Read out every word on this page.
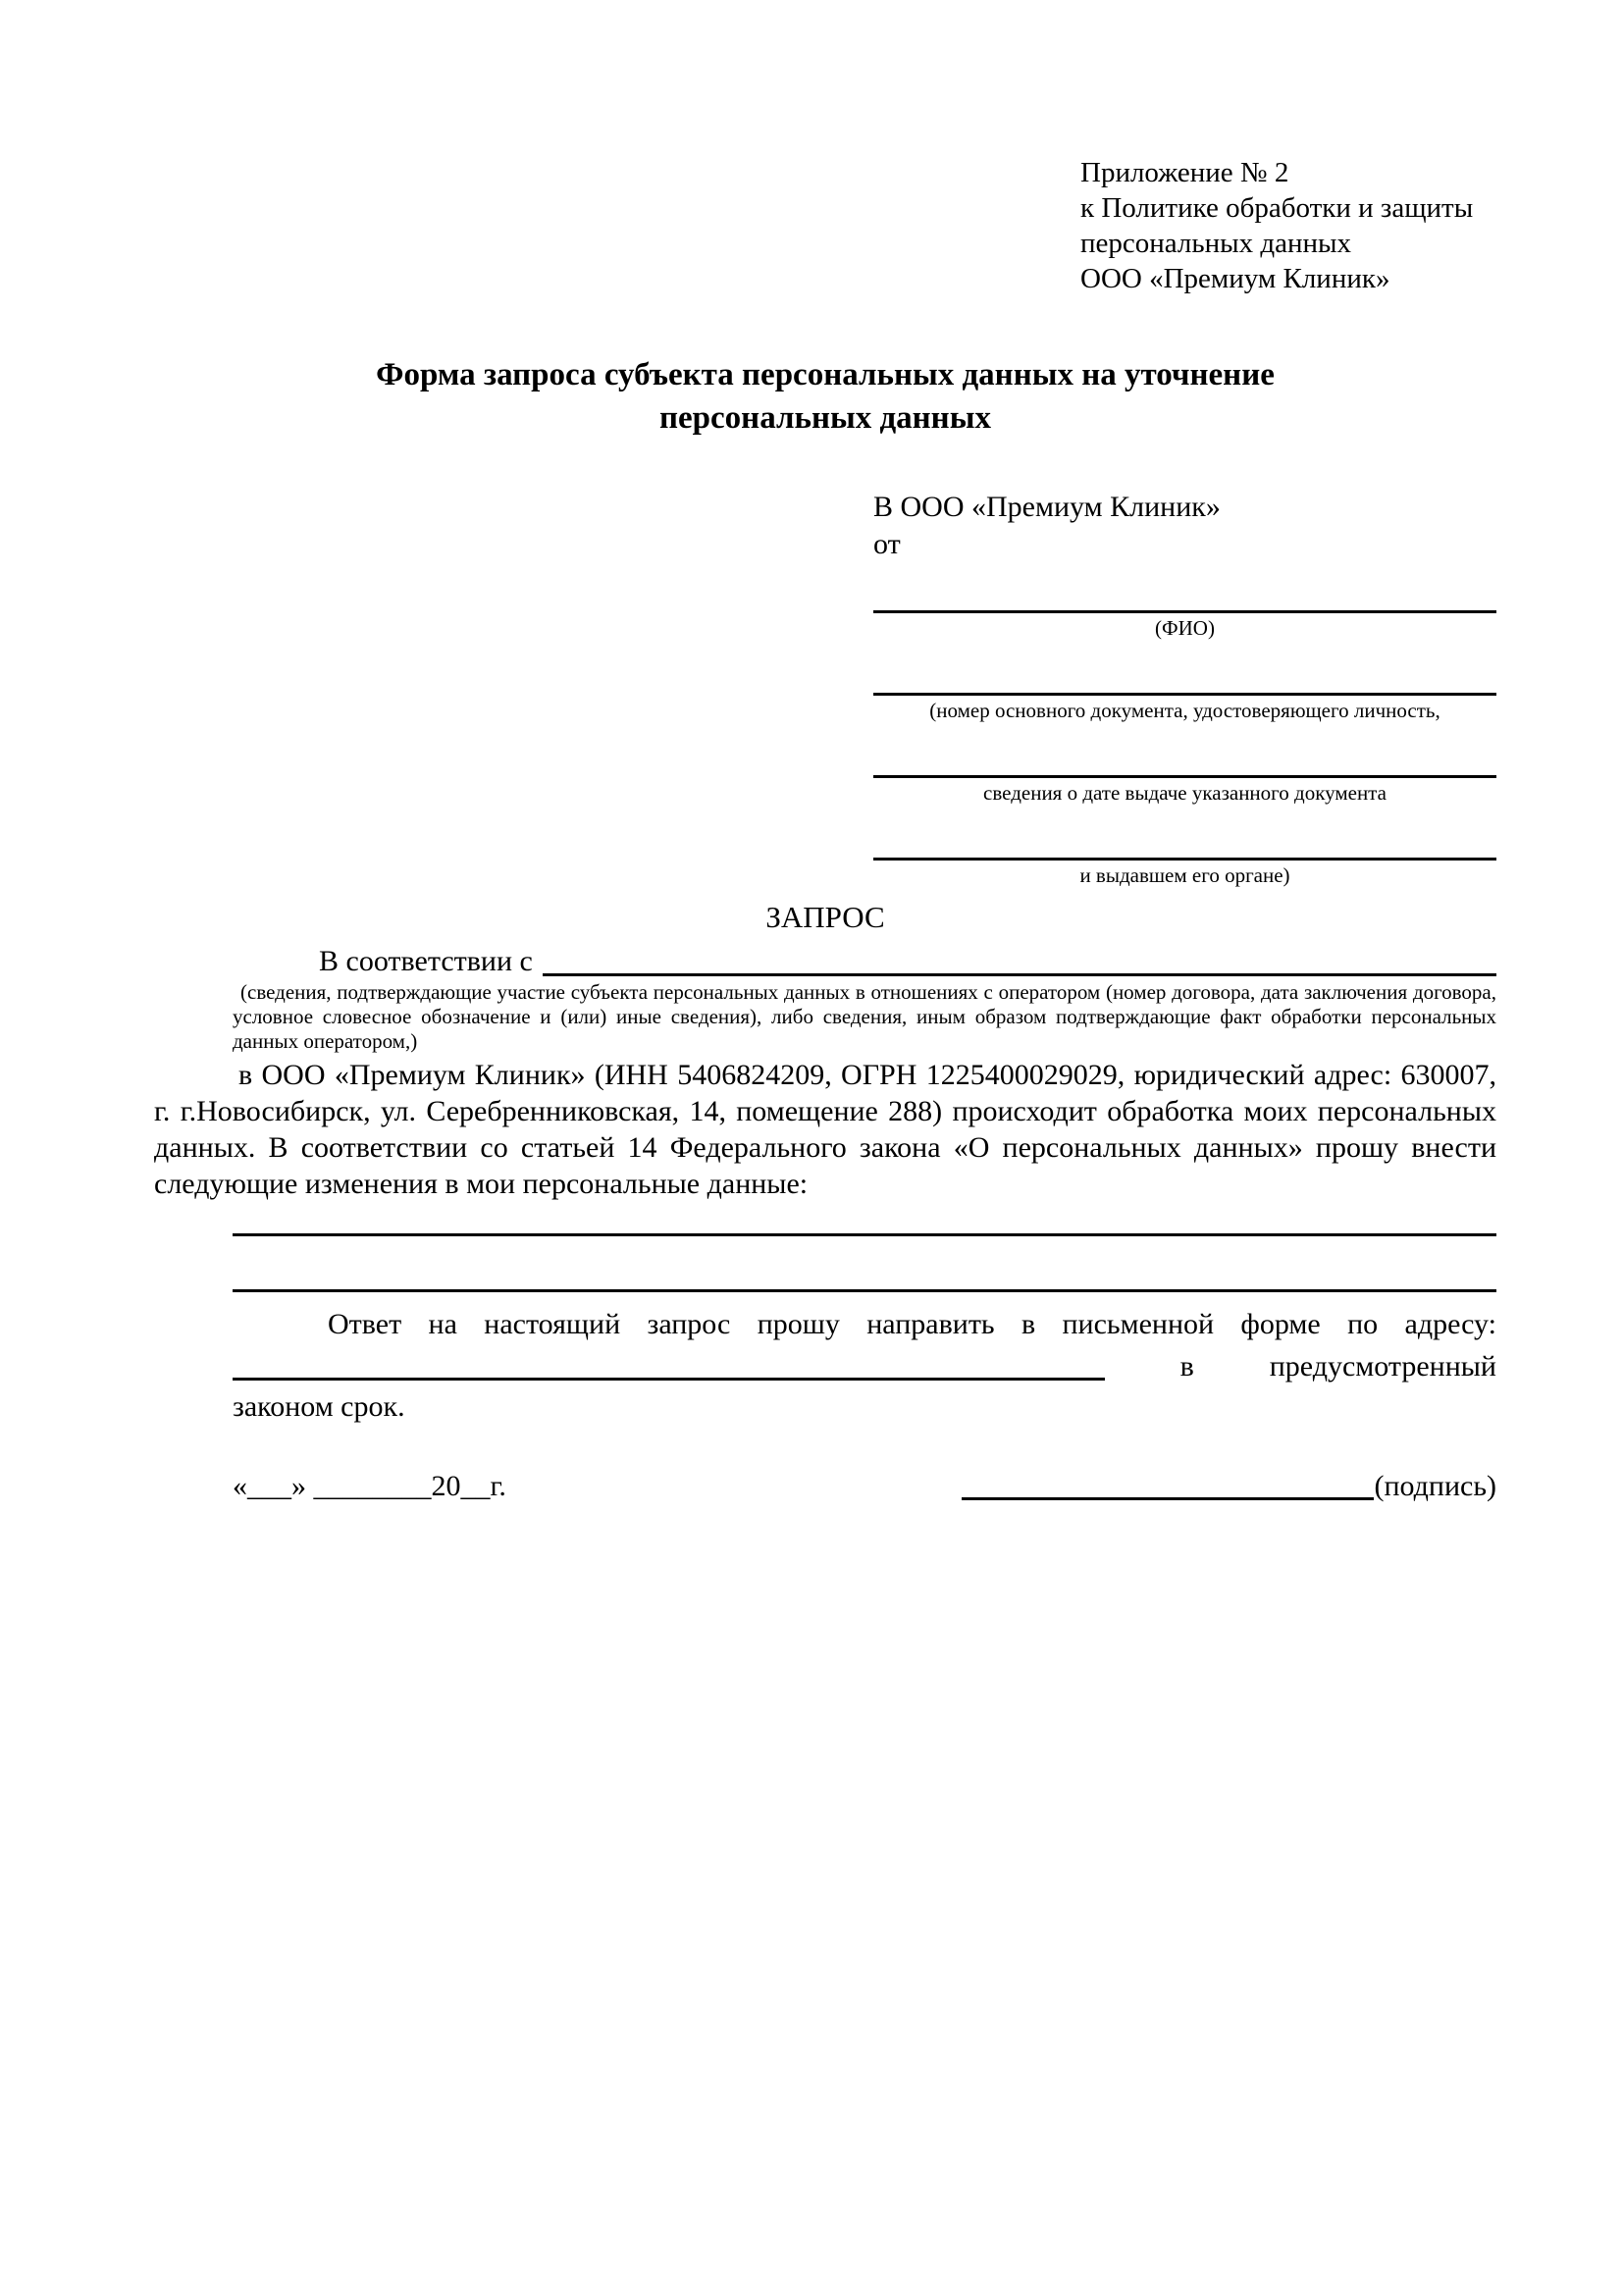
Приложение № 2
к Политике обработки и защиты
персональных данных
ООО «Премиум Клиник»
Форма запроса субъекта персональных данных на уточнение
персональных данных
В ООО «Премиум Клиник»
от
(ФИО)
(номер основного документа, удостоверяющего личность,
сведения о дате выдаче указанного документа
и выдавшем его органе)
ЗАПРОС
В соответствии с
(сведения, подтверждающие участие субъекта персональных данных в отношениях с оператором (номер договора, дата заключения договора, условное словесное обозначение и (или) иные сведения), либо сведения, иным образом подтверждающие факт обработки персональных данных оператором,)
в ООО «Премиум Клиник» (ИНН 5406824209, ОГРН 1225400029029, юридический адрес: 630007, г. г.Новосибирск, ул. Серебренниковская, 14, помещение 288) происходит обработка моих персональных данных. В соответствии со статьей 14 Федерального закона «О персональных данных» прошу внести следующие изменения в мои персональные данные:
Ответ на настоящий запрос прошу направить в письменной форме по адресу:
в	предусмотренный
законом срок.
«___» ________20__г.	(подпись)
